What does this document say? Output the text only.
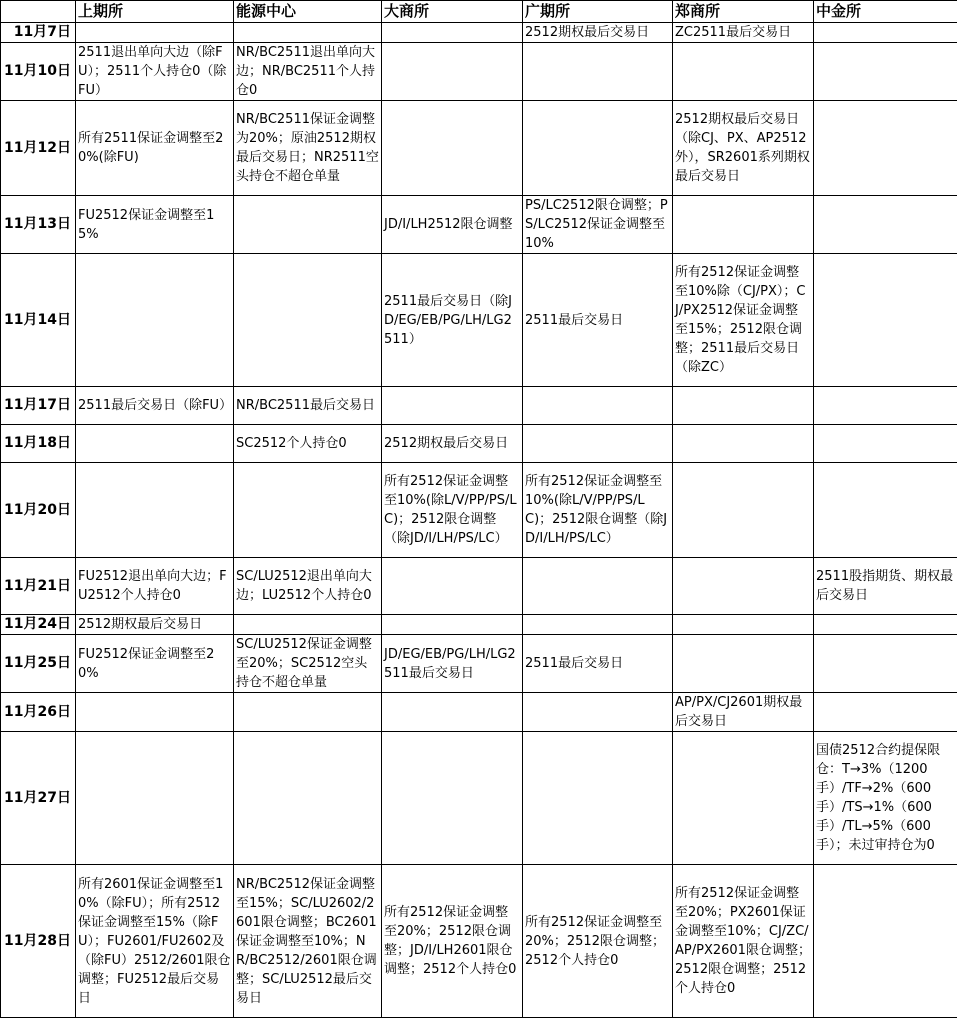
	上期所	能源中心	大商所	广期所	郑商所	中金所
11月7日				2512期权最后交易日	ZC2511最后交易日	
11月10日	2511退出单向大边（除FU）；2511个人持仓0（除FU）	NR/BC2511退出单向大边；NR/BC2511个人持仓0				
11月12日	所有2511保证金调整至20%(除FU)	NR/BC2511保证金调整为20%；原油2512期权最后交易日；NR2511空头持仓不超仓单量			2512期权最后交易日（除CJ、PX、AP2512外），SR2601系列期权最后交易日	
11月13日	FU2512保证金调整至15%		JD/I/LH2512限仓调整	PS/LC2512限仓调整；PS/LC2512保证金调整至10%		
11月14日			2511最后交易日（除JD/EG/EB/PG/LH/LG2511）	2511最后交易日	所有2512保证金调整至10%除（CJ/PX）；CJ/PX2512保证金调整至15%；2512限仓调整；2511最后交易日（除ZC）	
11月17日	2511最后交易日（除FU）	NR/BC2511最后交易日				
11月18日		SC2512个人持仓0	2512期权最后交易日			
11月20日			所有2512保证金调整至10%(除L/V/PP/PS/LC)；2512限仓调整（除JD/I/LH/PS/LC）	所有2512保证金调整至10%(除L/V/PP/PS/LC)；2512限仓调整（除JD/I/LH/PS/LC）		
11月21日	FU2512退出单向大边；FU2512个人持仓0	SC/LU2512退出单向大边；LU2512个人持仓0				2511股指期货、期权最后交易日
11月24日	2512期权最后交易日					
11月25日	FU2512保证金调整至20%	SC/LU2512保证金调整至20%；SC2512空头持仓不超仓单量	JD/EG/EB/PG/LH/LG2511最后交易日	2511最后交易日		
11月26日					AP/PX/CJ2601期权最后交易日	
11月27日						国债2512合约提保限仓：T→3%（1200手）/TF→2%（600手）/TS→1%（600手）/TL→5%（600手）；未过审持仓为0
11月28日	所有2601保证金调整至10%（除FU）；所有2512保证金调整至15%（除FU）；FU2601/FU2602及（除FU）2512/2601限仓调整；FU2512最后交易日	NR/BC2512保证金调整至15%；SC/LU2602/2601限仓调整；BC2601保证金调整至10%；NR/BC2512/2601限仓调整；SC/LU2512最后交易日	所有2512保证金调整至20%；2512限仓调整；JD/I/LH2601限仓调整；2512个人持仓0	所有2512保证金调整至20%；2512限仓调整；2512个人持仓0	所有2512保证金调整至20%；PX2601保证金调整至10%；CJ/ZC/AP/PX2601限仓调整；2512限仓调整；2512个人持仓0	
